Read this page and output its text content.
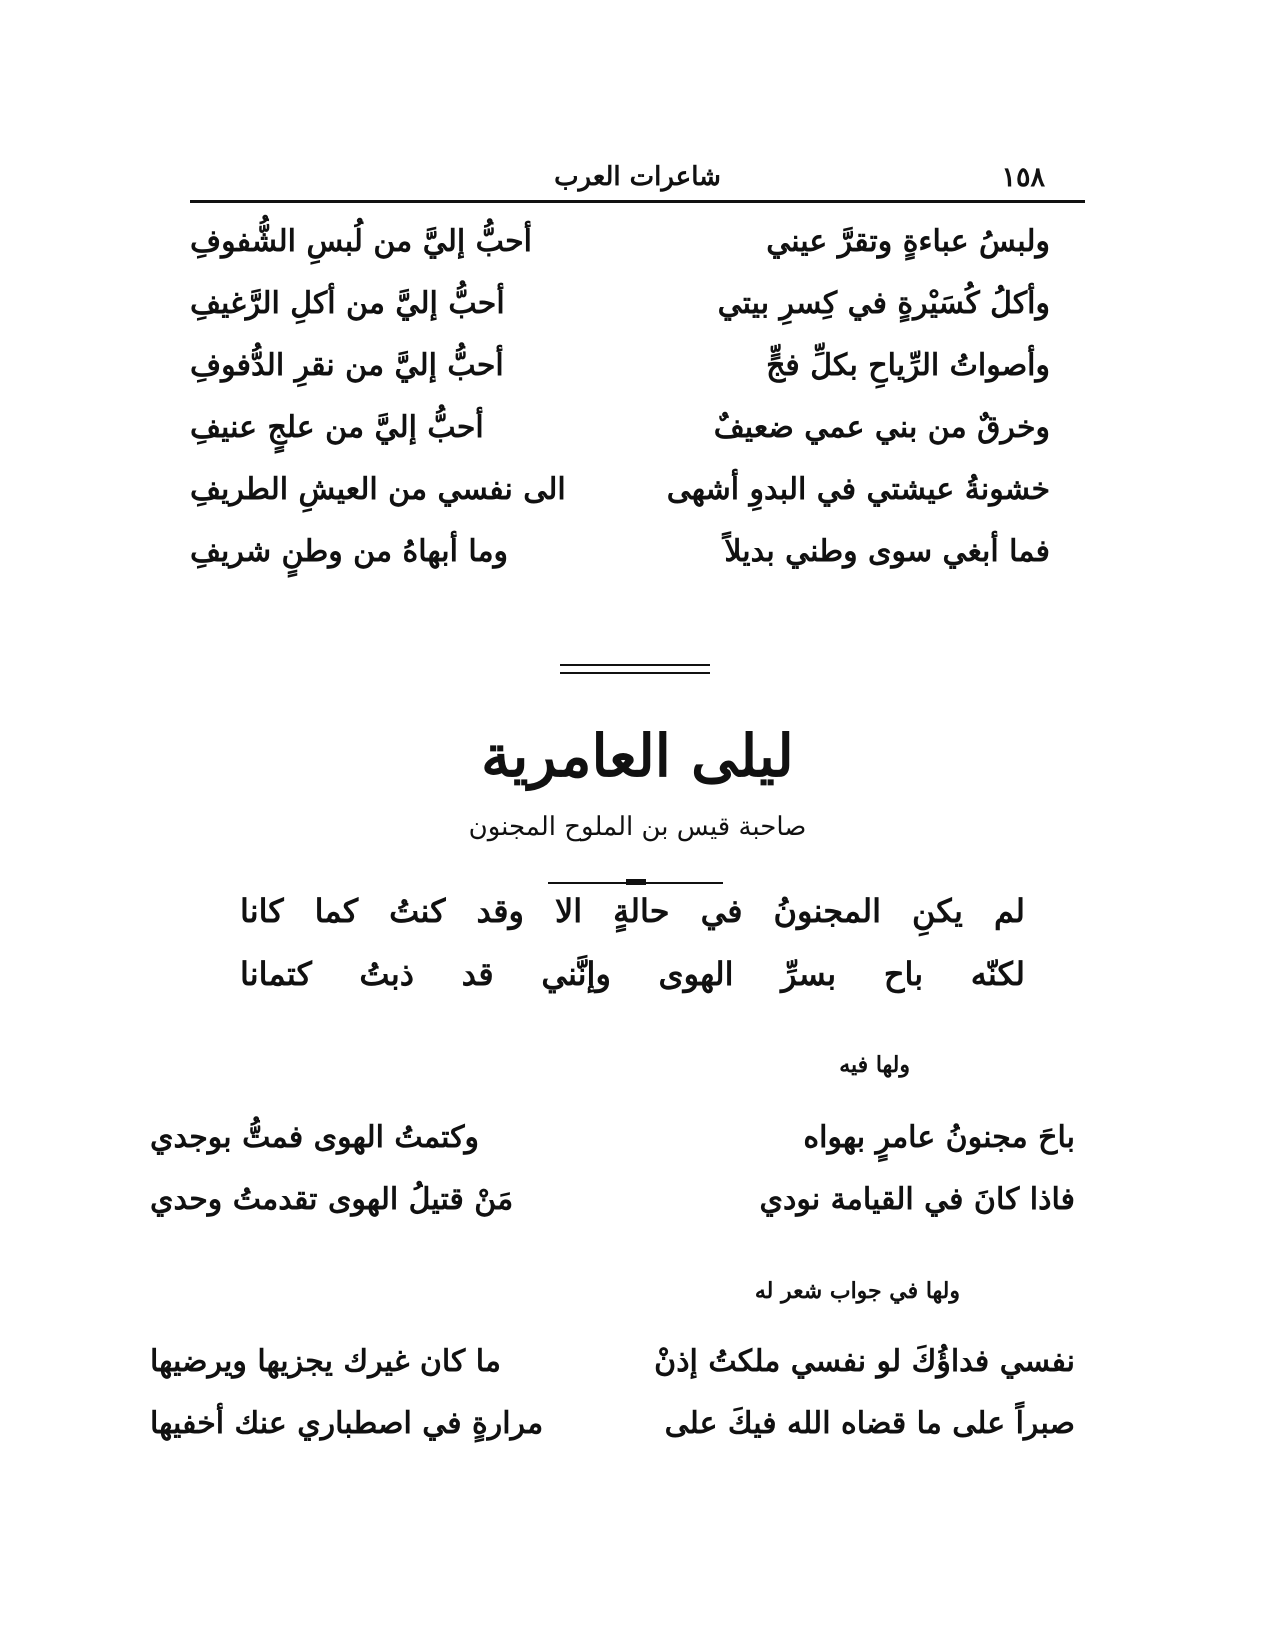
١٥٨
شاعرات العرب
ولبسُ عباءةٍ وتقرَّ عيني
أحبُّ إليَّ من لُبسِ الشُّفوفِ
وأكلُ كُسَيْرةٍ في كِسرِ بيتي
أحبُّ إليَّ من أكلِ الرَّغيفِ
وأصواتُ الرِّياحِ بكلِّ فجٍّ
أحبُّ إليَّ من نقرِ الدُّفوفِ
وخرقٌ من بني عمي ضعيفٌ
أحبُّ إليَّ من علجٍ عنيفِ
خشونةُ عيشتي في البدوِ أشهى
الى نفسي من العيشِ الطريفِ
فما أبغي سوى وطني بديلاً
وما أبهاهُ من وطنٍ شريفِ
ليلى العامرية
صاحبة قيس بن الملوح المجنون
لم يكنِ المجنونُ في حالةٍ الا وقد كنتُ كما كانا
لكنّه باح بسرِّ الهوى وإنَّني قد ذبتُ كتمانا
ولها فيه
باحَ مجنونُ عامرٍ بهواه
وكتمتُ الهوى فمتُّ بوجدي
فاذا كانَ في القيامة نودي
مَنْ قتيلُ الهوى تقدمتُ وحدي
ولها في جواب شعر له
نفسي فداؤُكَ لو نفسي ملكتُ إذنْ
ما كان غيرك يجزيها ويرضيها
صبراً على ما قضاه الله فيكَ على
مرارةٍ في اصطباري عنك أخفيها
